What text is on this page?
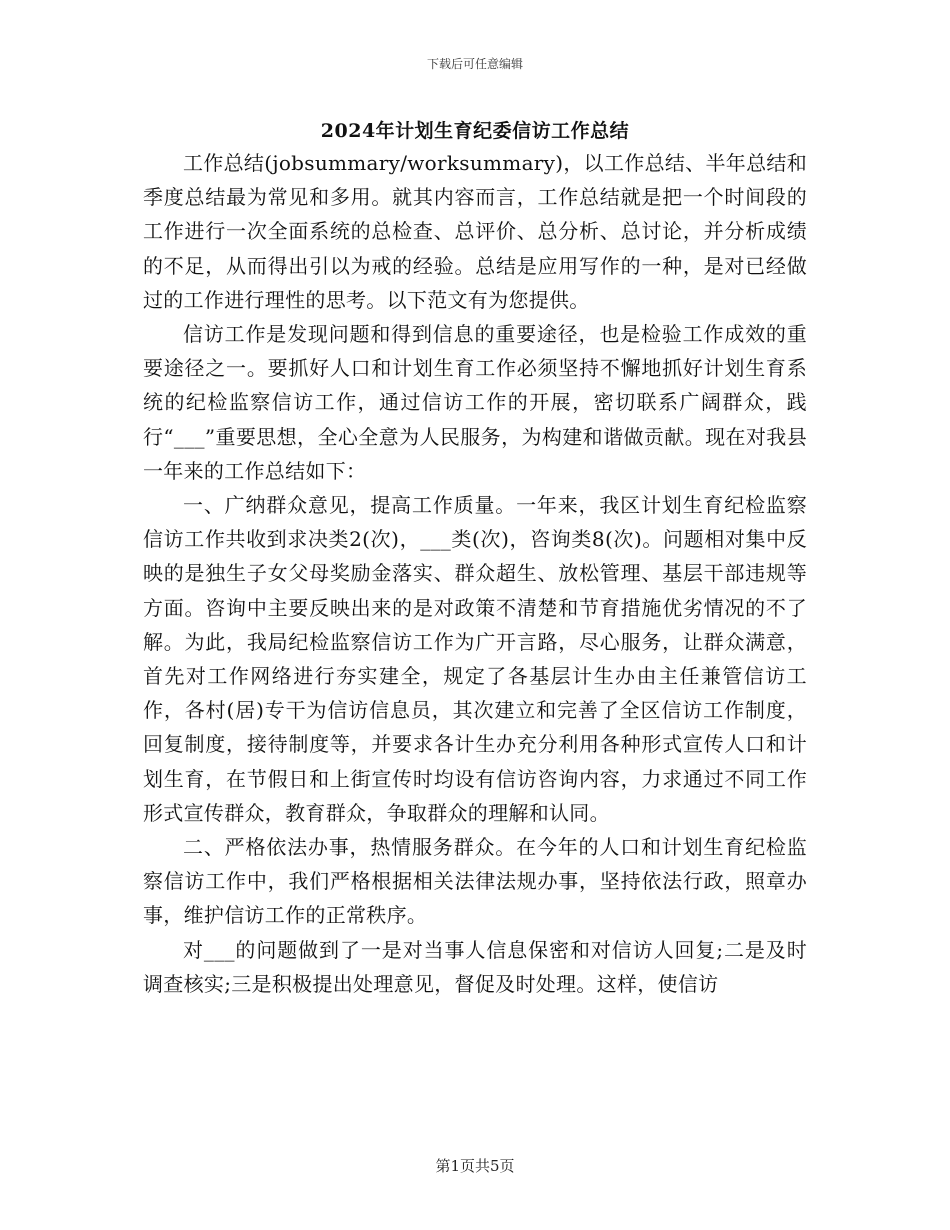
下载后可任意编辑
2024年计划生育纪委信访工作总结

工作总结(jobsummary/worksummary)，以工作总结、半年总结和季度总结最为常见和多用。就其内容而言，工作总结就是把一个时间段的工作进行一次全面系统的总检查、总评价、总分析、总讨论，并分析成绩的不足，从而得出引以为戒的经验。总结是应用写作的一种，是对已经做过的工作进行理性的思考。以下范文有为您提供。

信访工作是发现问题和得到信息的重要途径，也是检验工作成效的重要途径之一。要抓好人口和计划生育工作必须坚持不懈地抓好计划生育系统的纪检监察信访工作，通过信访工作的开展，密切联系广阔群众，践行“___”重要思想，全心全意为人民服务，为构建和谐做贡献。现在对我县一年来的工作总结如下：

一、广纳群众意见，提高工作质量。一年来，我区计划生育纪检监察信访工作共收到求决类2(次)，___类(次)，咨询类8(次)。问题相对集中反映的是独生子女父母奖励金落实、群众超生、放松管理、基层干部违规等方面。咨询中主要反映出来的是对政策不清楚和节育措施优劣情况的不了解。为此，我局纪检监察信访工作为广开言路，尽心服务，让群众满意，首先对工作网络进行夯实建全，规定了各基层计生办由主任兼管信访工作，各村(居)专干为信访信息员，其次建立和完善了全区信访工作制度，回复制度，接待制度等，并要求各计生办充分利用各种形式宣传人口和计划生育，在节假日和上街宣传时均设有信访咨询内容，力求通过不同工作形式宣传群众，教育群众，争取群众的理解和认同。

二、严格依法办事，热情服务群众。在今年的人口和计划生育纪检监察信访工作中，我们严格根据相关法律法规办事，坚持依法行政，照章办事，维护信访工作的正常秩序。

对___的问题做到了一是对当事人信息保密和对信访人回复;二是及时调查核实;三是积极提出处理意见，督促及时处理。这样，使信访

第1页共5页
